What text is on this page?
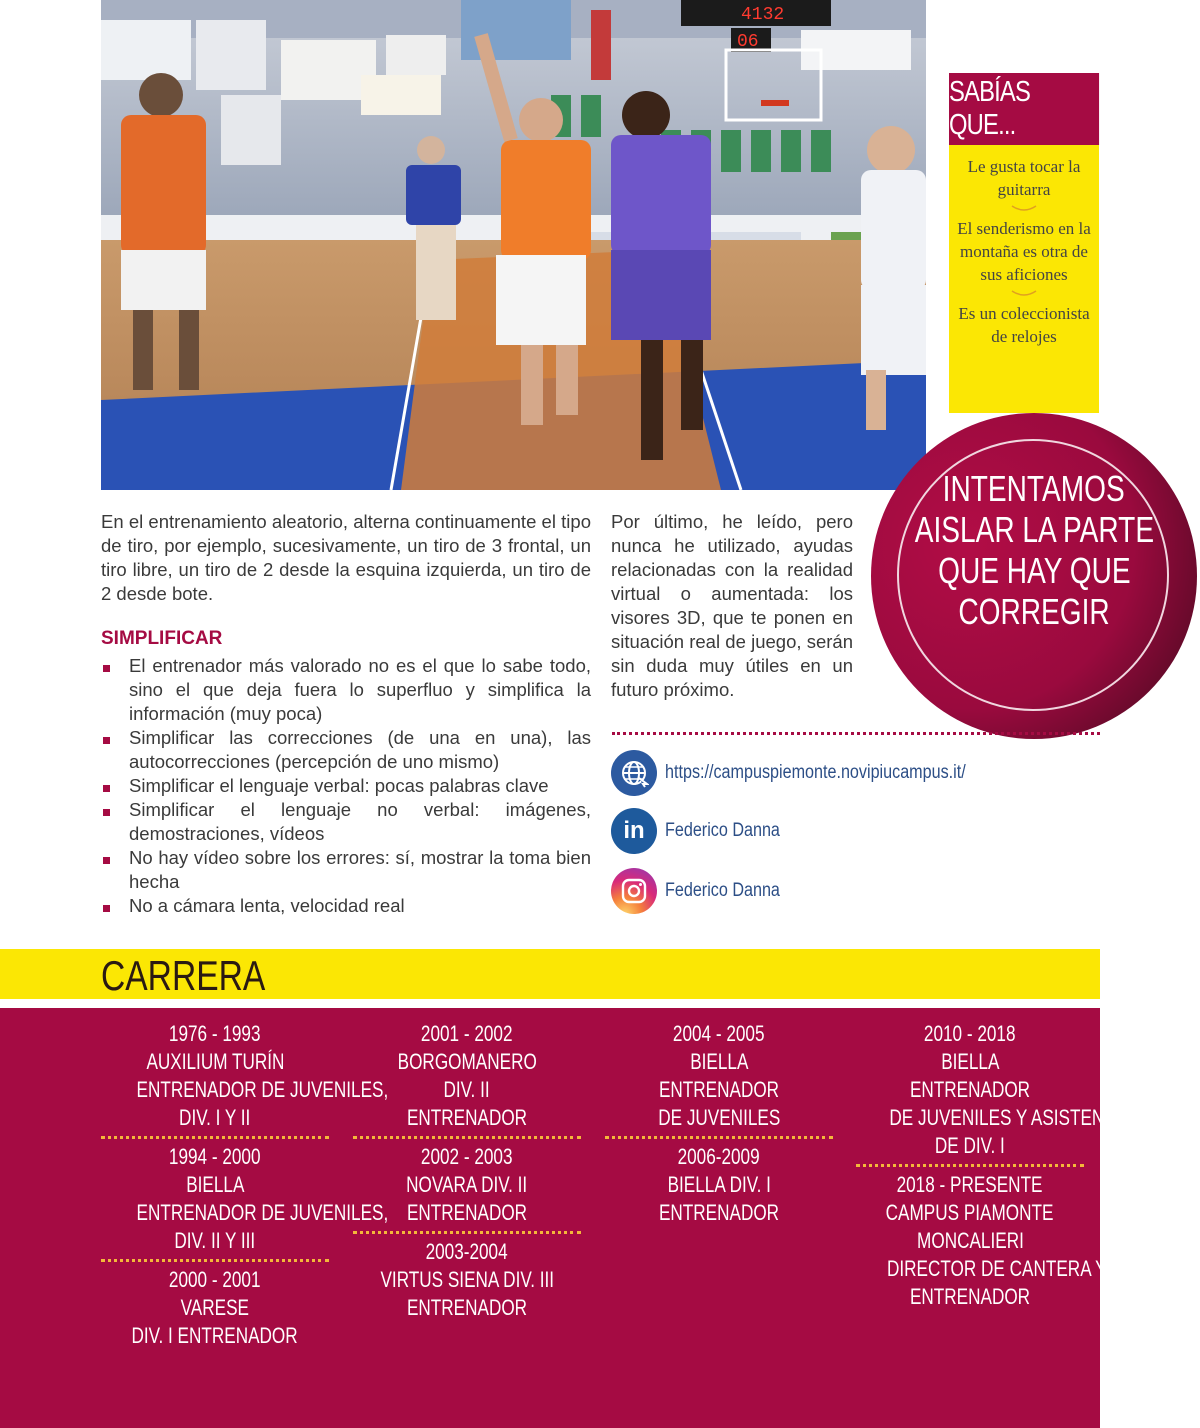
4132
06
SABÍAS QUE...
Le gusta tocar la guitarra
El senderismo en la montaña es otra de sus aficiones
Es un coleccionista de relojes
INTENTAMOS
AISLAR LA PARTE
QUE HAY QUE
CORREGIR
En el entrenamiento aleatorio, alterna continuamente el tipo de tiro, por ejemplo, sucesivamente, un tiro de 3 frontal, un tiro libre, un tiro de 2 desde la esquina izquierda, un tiro de 2 desde bote.
Por último, he leído, pero nunca he utilizado, ayudas relacionadas con la realidad virtual o aumentada: los visores 3D, que te ponen en situación real de juego, serán sin duda muy útiles en un futuro próximo.
SIMPLIFICAR
El entrenador más valorado no es el que lo sabe todo, sino el que deja fuera lo superfluo y simplifica la información (muy poca)
Simplificar las correcciones (de una en una), las autocorrecciones (percepción de uno mismo)
Simplificar el lenguaje verbal: pocas palabras clave
Simplificar el lenguaje no verbal: imágenes, demostraciones, vídeos
No hay vídeo sobre los errores: sí, mostrar la toma bien hecha
No a cámara lenta, velocidad real
https://campuspiemonte.novipiucampus.it/
in Federico Danna
Federico Danna
CARRERA
1976 - 1993
AUXILIUM TURÍN
ENTRENADOR DE JUVENILES,
DIV. I Y II
1994 - 2000
BIELLA
ENTRENADOR DE JUVENILES,
DIV. II Y III
2000 - 2001
VARESE
DIV. I ENTRENADOR
2001 - 2002
BORGOMANERO
DIV. II
ENTRENADOR
2002 - 2003
NOVARA DIV. II
ENTRENADOR
2003-2004
VIRTUS SIENA DIV. III
ENTRENADOR
2004 - 2005
BIELLA
ENTRENADOR
DE JUVENILES
2006-2009
BIELLA DIV. I
ENTRENADOR
2010 - 2018
BIELLA
ENTRENADOR
DE JUVENILES Y ASISTENTE
DE DIV. I
2018 - PRESENTE
CAMPUS PIAMONTE
MONCALIERI
DIRECTOR DE CANTERA Y
ENTRENADOR
